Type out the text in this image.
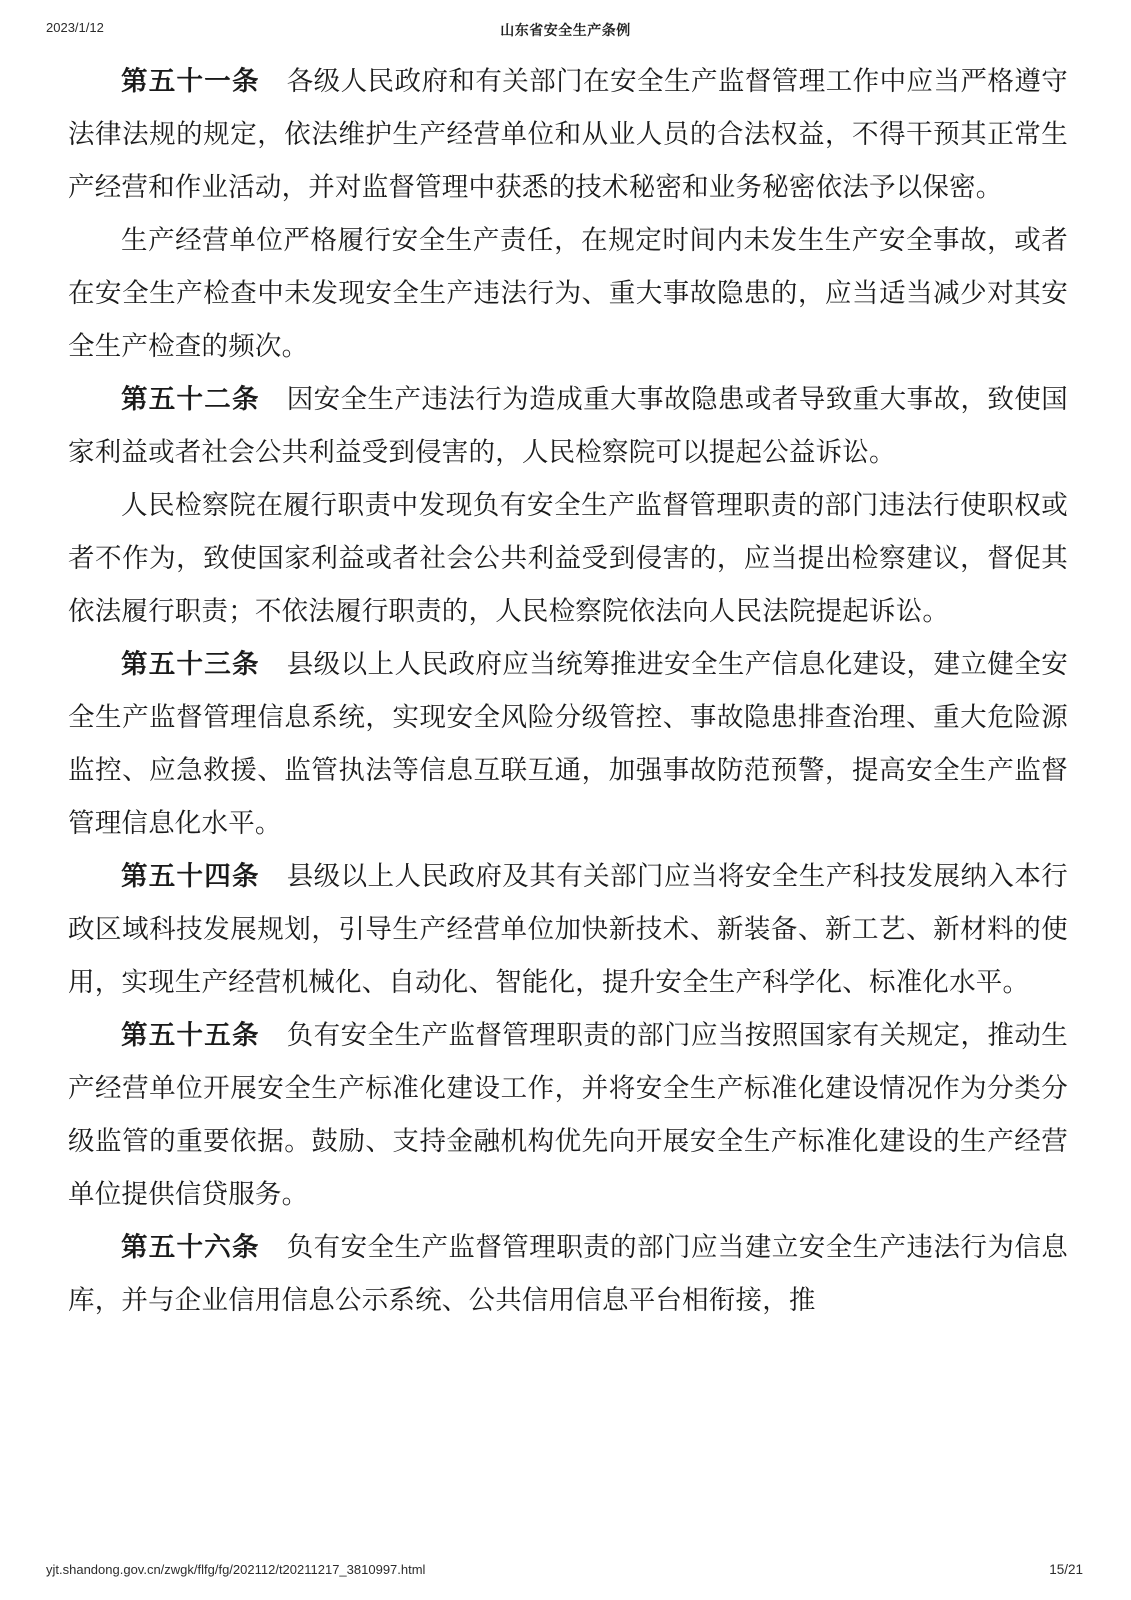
2023/1/12	山东省安全生产条例

第五十一条　 各级人民政府和有关部门在安全生产监督管理工作中应当严格遵守法律法规的规定，依法维护生产经营单位和从业人员的合法权益，不得干预其正常生产经营和作业活动，并对监督管理中获悉的技术秘密和业务秘密依法予以保密。

生产经营单位严格履行安全生产责任，在规定时间内未发生生产安全事故，或者在安全生产检查中未发现安全生产违法行为、重大事故隐患的，应当适当减少对其安全生产检查的频次。

第五十二条　 因安全生产违法行为造成重大事故隐患或者导致重大事故，致使国家利益或者社会公共利益受到侵害的，人民检察院可以提起公益诉讼。

人民检察院在履行职责中发现负有安全生产监督管理职责的部门违法行使职权或者不作为，致使国家利益或者社会公共利益受到侵害的，应当提出检察建议，督促其依法履行职责；不依法履行职责的，人民检察院依法向人民法院提起诉讼。

第五十三条　 县级以上人民政府应当统筹推进安全生产信息化建设，建立健全安全生产监督管理信息系统，实现安全风险分级管控、事故隐患排查治理、重大危险源监控、应急救援、监管执法等信息互联互通，加强事故防范预警，提高安全生产监督管理信息化水平。

第五十四条　 县级以上人民政府及其有关部门应当将安全生产科技发展纳入本行政区域科技发展规划，引导生产经营单位加快新技术、新装备、新工艺、新材料的使用，实现生产经营机械化、自动化、智能化，提升安全生产科学化、标准化水平。

第五十五条　 负有安全生产监督管理职责的部门应当按照国家有关规定，推动生产经营单位开展安全生产标准化建设工作，并将安全生产标准化建设情况作为分类分级监管的重要依据。鼓励、支持金融机构优先向开展安全生产标准化建设的生产经营单位提供信贷服务。

第五十六条　 负有安全生产监督管理职责的部门应当建立安全生产违法行为信息库，并与企业信用信息公示系统、公共信用信息平台相衔接，推

yjt.shandong.gov.cn/zwgk/flfg/fg/202112/t20211217_3810997.html	15/21
